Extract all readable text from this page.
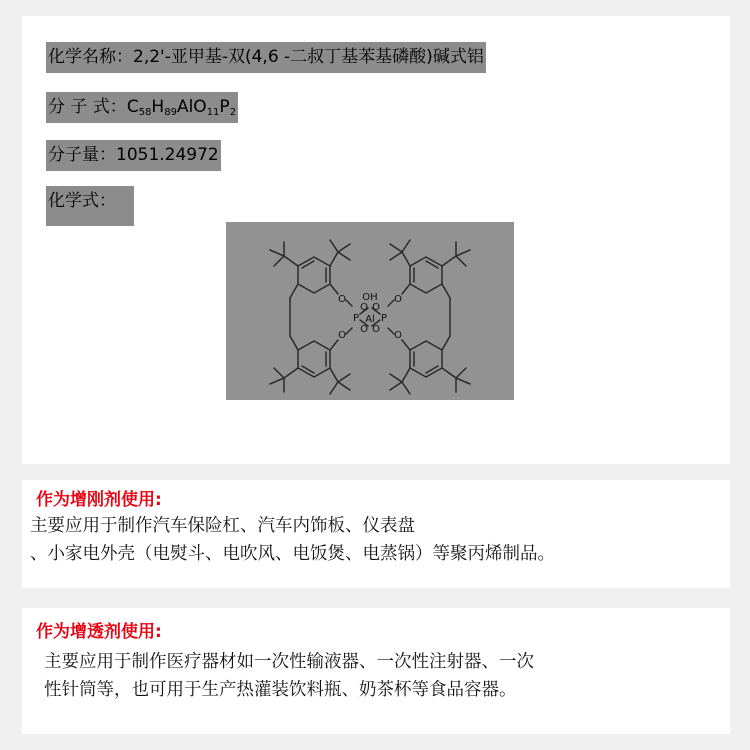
化学名称：2,2'-亚甲基-双(4,6 -二叔丁基苯基磷酸)碱式铝
分 子 式：$C_{58}H_{89}AlO_{11}P_2$
分子量：1051.24972
化学式：
O
O
P
O
O
OH
Al
O
O
P
O
O
作为增刚剂使用:
主要应用于制作汽车保险杠、汽车内饰板、仪表盘
、小家电外壳（电熨斗、电吹风、电饭煲、电蒸锅）等聚丙烯制品。
作为增透剂使用:
主要应用于制作医疗器材如一次性输液器、一次性注射器、一次
性针筒等，也可用于生产热灌装饮料瓶、奶茶杯等食品容器。
